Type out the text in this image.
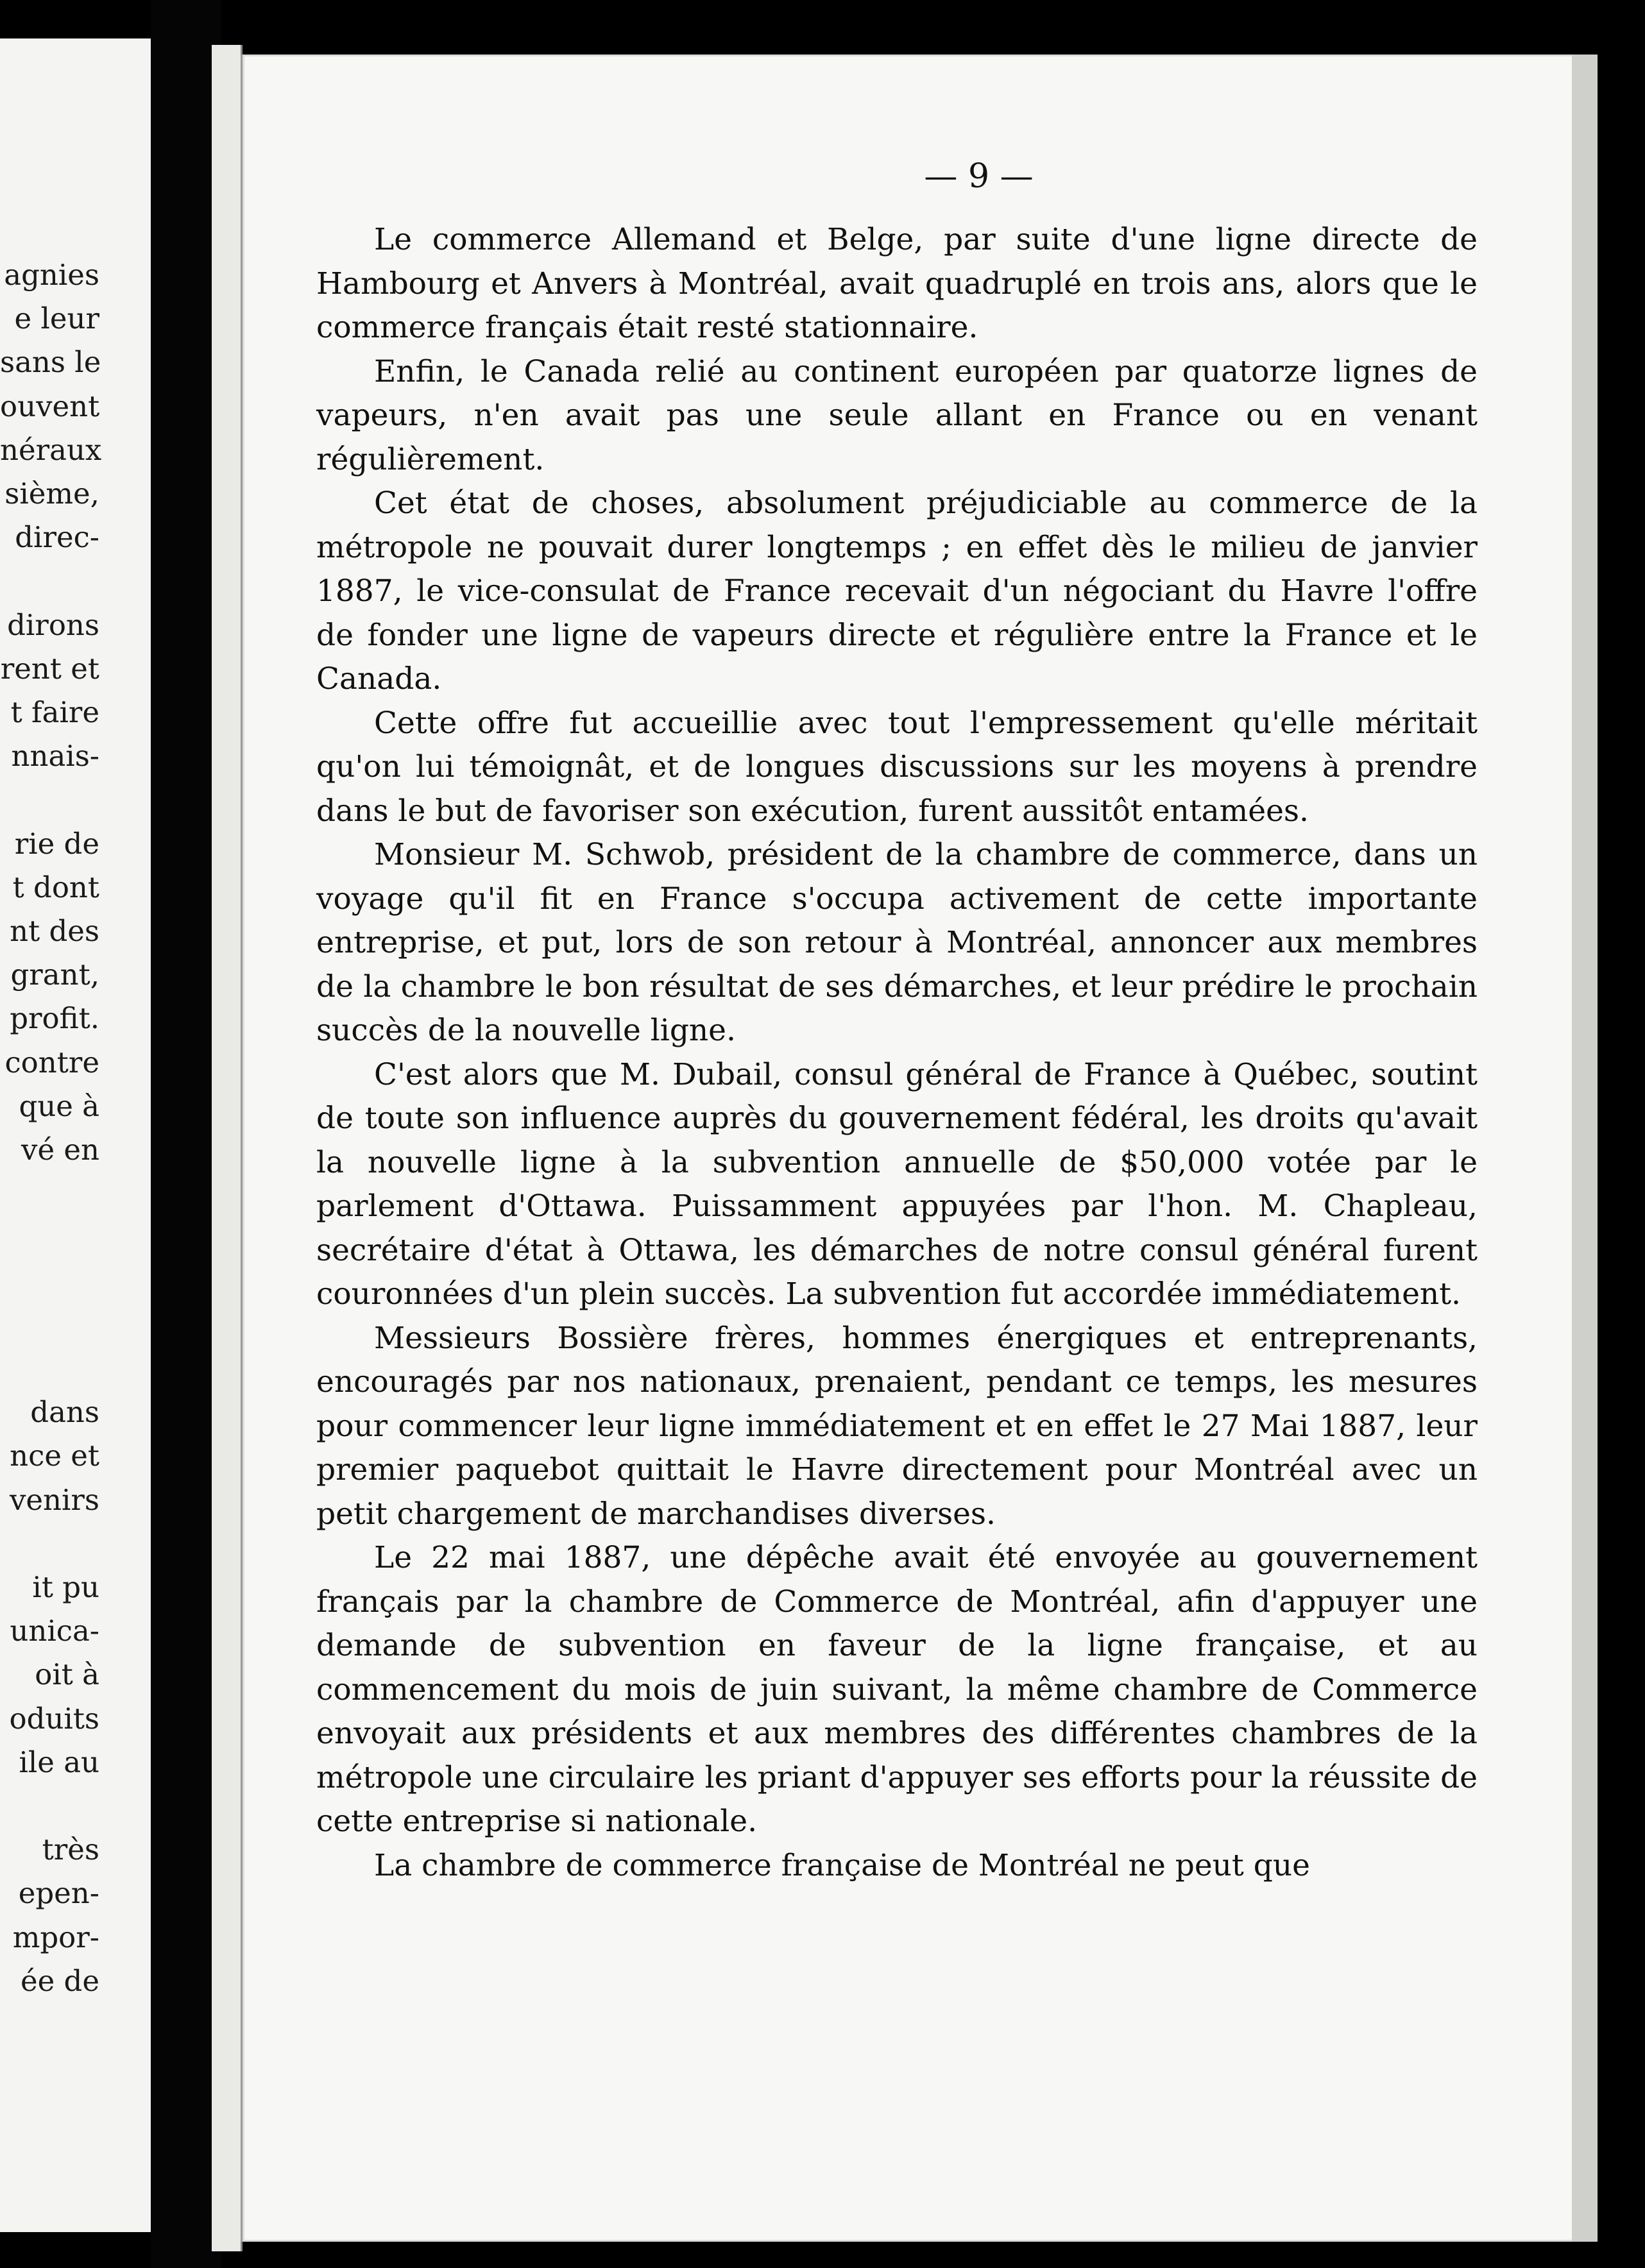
agnies
e leur
sans le
ouvent
néraux
sième,
direc-
dirons
rent et
t faire
nnais-
rie de
t dont
nt des
grant,
profit.
contre
que à
vé en
dans
nce et
venirs
it pu
unica-
oit à
oduits
ile au
très
epen-
mpor-
ée de
— 9 —

Le commerce Allemand et Belge, par suite d'une ligne directe de Hambourg et Anvers à Montréal, avait quadruplé en trois ans, alors que le commerce français était resté stationnaire.

Enfin, le Canada relié au continent européen par quatorze lignes de vapeurs, n'en avait pas une seule allant en France ou en venant régulièrement.

Cet état de choses, absolument préjudiciable au commerce de la métropole ne pouvait durer longtemps ; en effet dès le milieu de janvier 1887, le vice-consulat de France recevait d'un négociant du Havre l'offre de fonder une ligne de vapeurs directe et régulière entre la France et le Canada.

Cette offre fut accueillie avec tout l'empressement qu'elle méritait qu'on lui témoignât, et de longues discussions sur les moyens à prendre dans le but de favoriser son exécution, furent aussitôt entamées.

Monsieur M. Schwob, président de la chambre de commerce, dans un voyage qu'il fit en France s'occupa activement de cette importante entreprise, et put, lors de son retour à Montréal, annoncer aux membres de la chambre le bon résultat de ses démarches, et leur prédire le prochain succès de la nouvelle ligne.

C'est alors que M. Dubail, consul général de France à Québec, soutint de toute son influence auprès du gouvernement fédéral, les droits qu'avait la nouvelle ligne à la subvention annuelle de $50,000 votée par le parlement d'Ottawa. Puissamment appuyées par l'hon. M. Chapleau, secrétaire d'état à Ottawa, les démarches de notre consul général furent couronnées d'un plein succès. La subvention fut accordée immédiatement.

Messieurs Bossière frères, hommes énergiques et entreprenants, encouragés par nos nationaux, prenaient, pendant ce temps, les mesures pour commencer leur ligne immédiatement et en effet le 27 Mai 1887, leur premier paquebot quittait le Havre directement pour Montréal avec un petit chargement de marchandises diverses.

Le 22 mai 1887, une dépêche avait été envoyée au gouvernement français par la chambre de Commerce de Montréal, afin d'appuyer une demande de subvention en faveur de la ligne française, et au commencement du mois de juin suivant, la même chambre de Commerce envoyait aux présidents et aux membres des différentes chambres de la métropole une circulaire les priant d'appuyer ses efforts pour la réussite de cette entreprise si nationale.

La chambre de commerce française de Montréal ne peut que
